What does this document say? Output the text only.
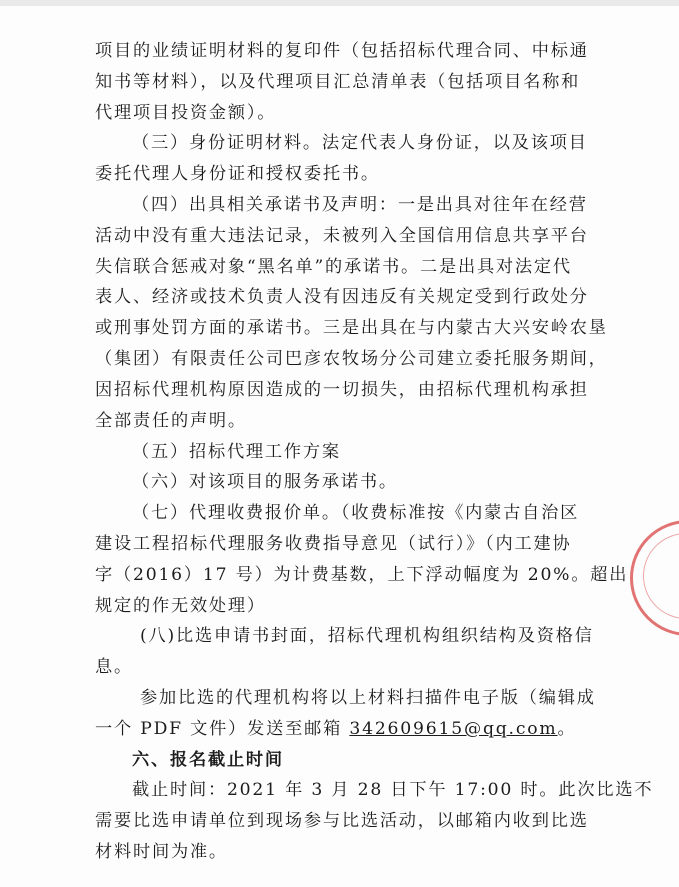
项目的业绩证明材料的复印件（包括招标代理合同、中标通
知书等材料），以及代理项目汇总清单表（包括项目名称和
代理项目投资金额）。
（三）身份证明材料。法定代表人身份证，以及该项目
委托代理人身份证和授权委托书。
（四）出具相关承诺书及声明：一是出具对往年在经营
活动中没有重大违法记录，未被列入全国信用信息共享平台
失信联合惩戒对象“黑名单”的承诺书。二是出具对法定代
表人、经济或技术负责人没有因违反有关规定受到行政处分
或刑事处罚方面的承诺书。三是出具在与内蒙古大兴安岭农垦
（集团）有限责任公司巴彦农牧场分公司建立委托服务期间，
因招标代理机构原因造成的一切损失，由招标代理机构承担
全部责任的声明。
（五）招标代理工作方案
（六）对该项目的服务承诺书。
（七）代理收费报价单。（收费标准按《内蒙古自治区
建设工程招标代理服务收费指导意见（试行）》（内工建协
字（2016）17 号）为计费基数，上下浮动幅度为 20%。超出
规定的作无效处理）
(八)比选申请书封面，招标代理机构组织结构及资格信
息。
参加比选的代理机构将以上材料扫描件电子版（编辑成
一个 PDF 文件）发送至邮箱 342609615@qq.com。
六、报名截止时间
截止时间：2021 年 3 月 28 日下午 17:00 时。此次比选不
需要比选申请单位到现场参与比选活动，以邮箱内收到比选
材料时间为准。
